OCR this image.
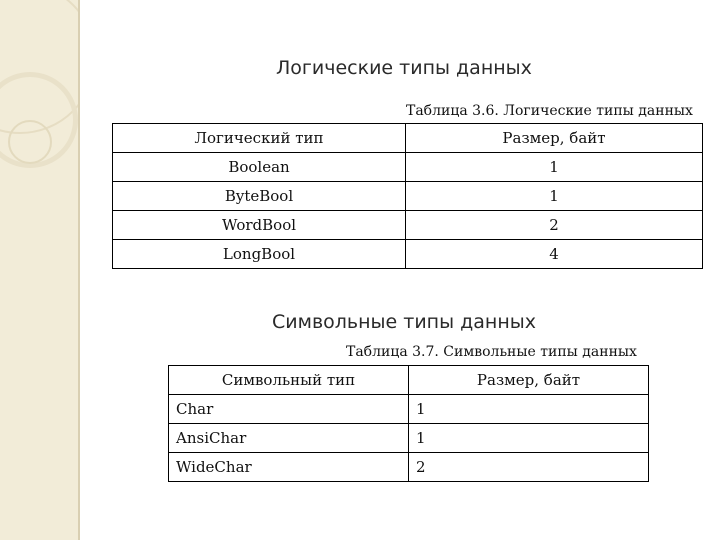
Логические типы данных
Таблица 3.6. Логические типы данных
Логический тип	Размер, байт
Boolean	1
ByteBool	1
WordBool	2
LongBool	4
Символьные типы данных
Таблица 3.7. Символьные типы данных
Символьный тип	Размер, байт
Char	1
AnsiChar	1
WideChar	2
